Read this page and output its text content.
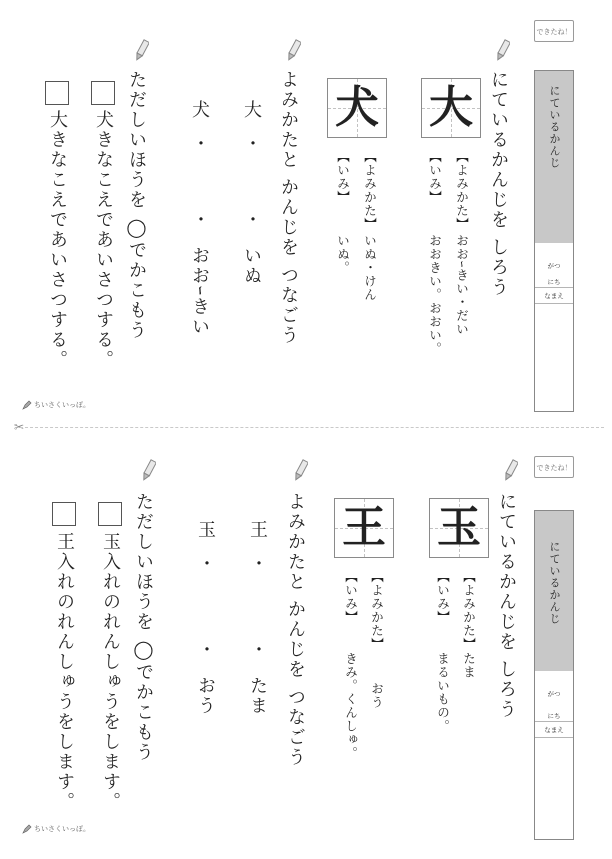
できたね！
にているかんじ
がつ
にち
なまえ
にているかんじを しろう
大
【よみかた】
おおｰきい・だい
【いみ】
おおきい。おおい。
犬
【よみかた】
いぬ・けん
【いみ】
いぬ。
よみかたと かんじを つなごう
大
・
犬
・
・
いぬ
・
おおｰきい
ただしいほうを ◯でかこもう
犬きなこえであいさつする。
大きなこえであいさつする。
ちいさくいっぽ。
✂
できたね！
にているかんじ
がつ
にち
なまえ
にているかんじを しろう
玉
【よみかた】
たま
【いみ】
まるいもの。
王
【よみかた】
おう
【いみ】
きみ。くんしゅ。
よみかたと かんじを つなごう
王
・
玉
・
・
たま
・
おう
ただしいほうを ◯でかこもう
玉入れのれんしゅうをします。
王入れのれんしゅうをします。
ちいさくいっぽ。
